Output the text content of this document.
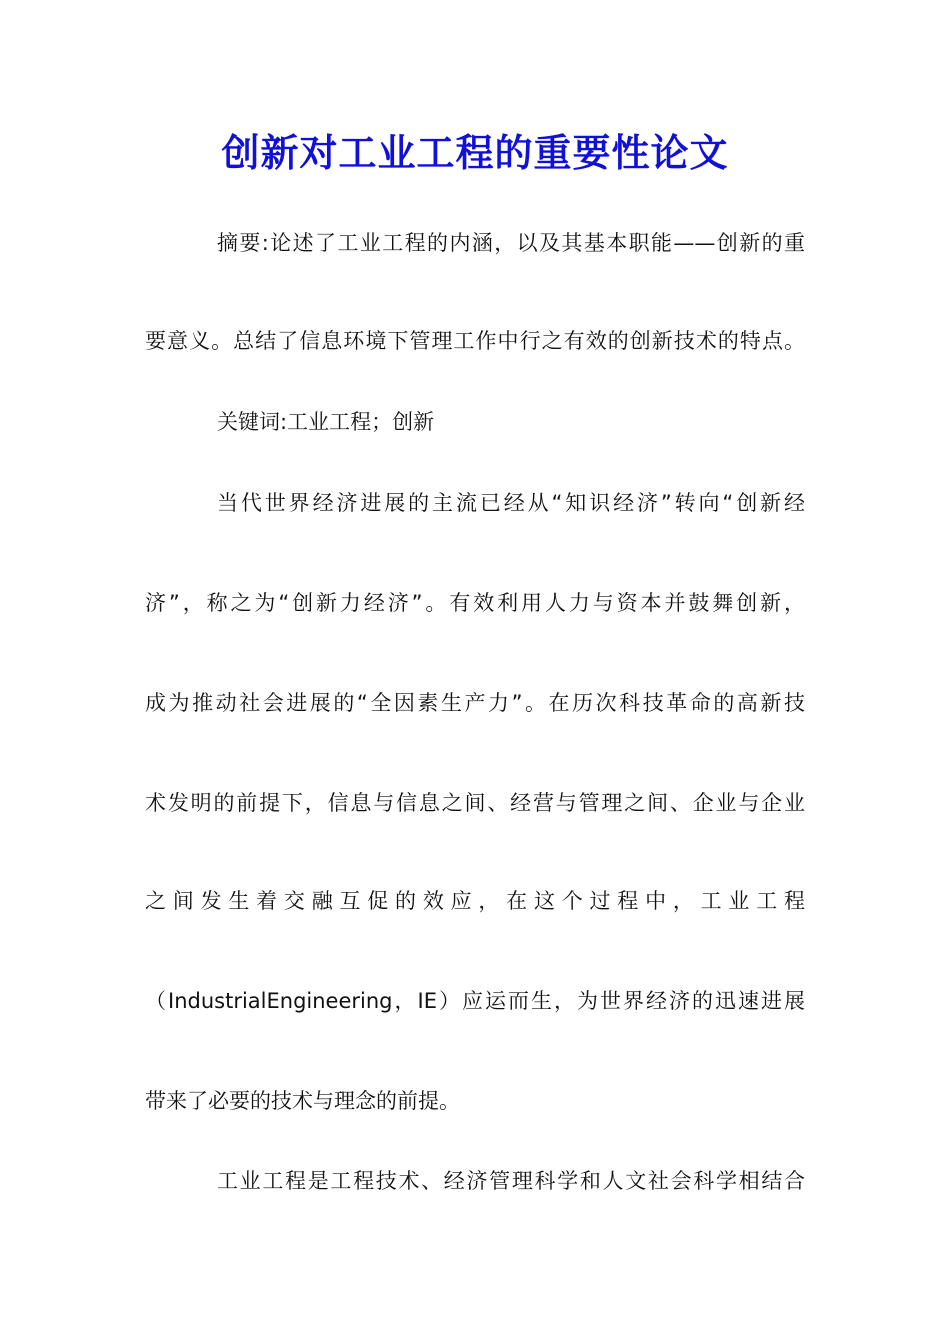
创新对工业工程的重要性论文
摘要:论述了工业工程的内涵，以及其基本职能——创新的重
要意义。总结了信息环境下管理工作中行之有效的创新技术的特点。
关键词:工业工程；创新
当代世界经济进展的主流已经从“知识经济”转向“创新经
济”，称之为“创新力经济”。有效利用人力与资本并鼓舞创新，
成为推动社会进展的“全因素生产力”。在历次科技革命的高新技
术发明的前提下，信息与信息之间、经营与管理之间、企业与企业
之间发生着交融互促的效应，在这个过程中，工业工程
（IndustrialEngineering，IE）应运而生，为世界经济的迅速进展
带来了必要的技术与理念的前提。
工业工程是工程技术、经济管理科学和人文社会科学相结合
